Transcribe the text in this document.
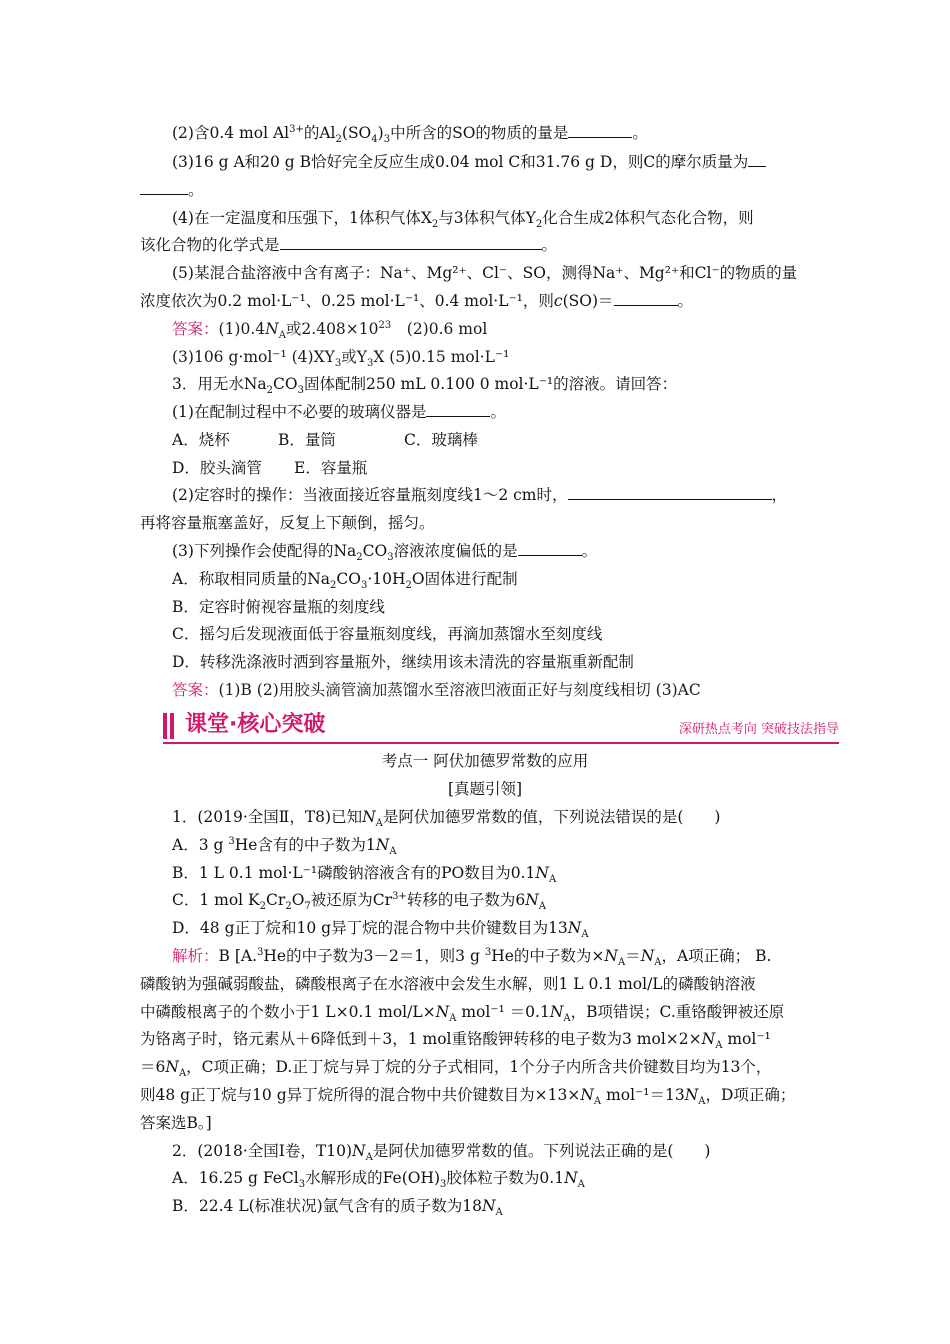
(2)含0.4 mol $Al^{3+}$的$Al_2(SO_4)_3$中所含的SO的物质的量是	。
(3)16 g A和20 g B恰好完全反应生成0.04 mol C和31.76 g D，则C的摩尔质量为
。
(4)在一定温度和压强下，1体积气体$X_2$与3体积气体$Y_2$化合生成2体积气态化合物，则
该化合物的化学式是	。
(5)某混合盐溶液中含有离子：Na⁺、Mg²⁺、Cl⁻、SO，测得Na⁺、Mg²⁺和Cl⁻的物质的量
浓度依次为0.2 mol·L⁻¹、0.25 mol·L⁻¹、0.4 mol·L⁻¹，则c(SO)＝	。
答案：$(1)0.4N_A$或$2.408\times 10^{23}$　 (2)0.6 mol
(3)106 g·mol⁻¹ $(4)XY_3$或$Y_3X$ (5)0.15 mol·L⁻¹
3．用无水$Na_2CO_3$固体配制250 mL 0.100 0 mol·L⁻¹的溶液。请回答：
(1)在配制过程中不必要的玻璃仪器是	。
A．烧杯	B．量筒	C．玻璃棒
D．胶头滴管 E．容量瓶
(2)定容时的操作：当液面接近容量瓶刻度线1～2 cm时，	，
再将容量瓶塞盖好，反复上下颠倒，摇匀。
(3)下列操作会使配得的$Na_2CO_3$溶液浓度偏低的是	。
A．称取相同质量的$Na_2CO_3\cdot 10H_2O$固体进行配制
B．定容时俯视容量瓶的刻度线
C．摇匀后发现液面低于容量瓶刻度线，再滴加蒸馏水至刻度线
D．转移洗涤液时洒到容量瓶外，继续用该未清洗的容量瓶重新配制
答案：(1)B (2)用胶头滴管滴加蒸馏水至溶液凹液面正好与刻度线相切 (3)AC
课堂·核心突破	深研热点考向 突破技法指导
考点一 阿伏加德罗常数的应用
[真题引领]
1．(2019·全国Ⅱ，T8)已知$N_A$是阿伏加德罗常数的值，下列说法错误的是(　　)
A．3 g $^3$He含有的中子数为$1N_A$
B．1 L 0.1 mol·L⁻¹磷酸钠溶液含有的PO数目为$0.1N_A$
C．1 mol $K_2Cr_2O_7$被还原为$Cr^{3+}$转移的电子数为$6N_A$
D．48 g正丁烷和10 g异丁烷的混合物中共价键数目为$13N_A$
解析：B [A.$^3$He的中子数为3－2＝1，则3 g $^3$He的中子数为$\times N_A=N_A$，A项正确； B.
磷酸钠为强碱弱酸盐，磷酸根离子在水溶液中会发生水解，则1 L 0.1 mol/L的磷酸钠溶液
中磷酸根离子的个数小于1 L×0.1 mol/$L\times N_A$ $mol^{-1} =0.1N_A$，B项错误；C.重铬酸钾被还原
为铬离子时，铬元素从＋6降低到＋3，1 mol重铬酸钾转移的电子数为3 $mol\times 2\times N_A$ mol⁻¹
$=6N_A$，C项正确；D.正丁烷与异丁烷的分子式相同，1个分子内所含共价键数目均为13个，
则48 g正丁烷与10 g异丁烷所得的混合物中共价键数目为$\times 13\times N_A$ $mol^{-1}=13N_A$，D项正确；
答案选B。]
2．(2018·全国Ⅰ卷，$T10)N_A$是阿伏加德罗常数的值。下列说法正确的是(　　)
A．16.25 g FeCl$_3$水解形成的$Fe(OH)_3$胶体粒子数为$0.1N_A$
B．22.4 L(标准状况)氩气含有的质子数为$18N_A$
